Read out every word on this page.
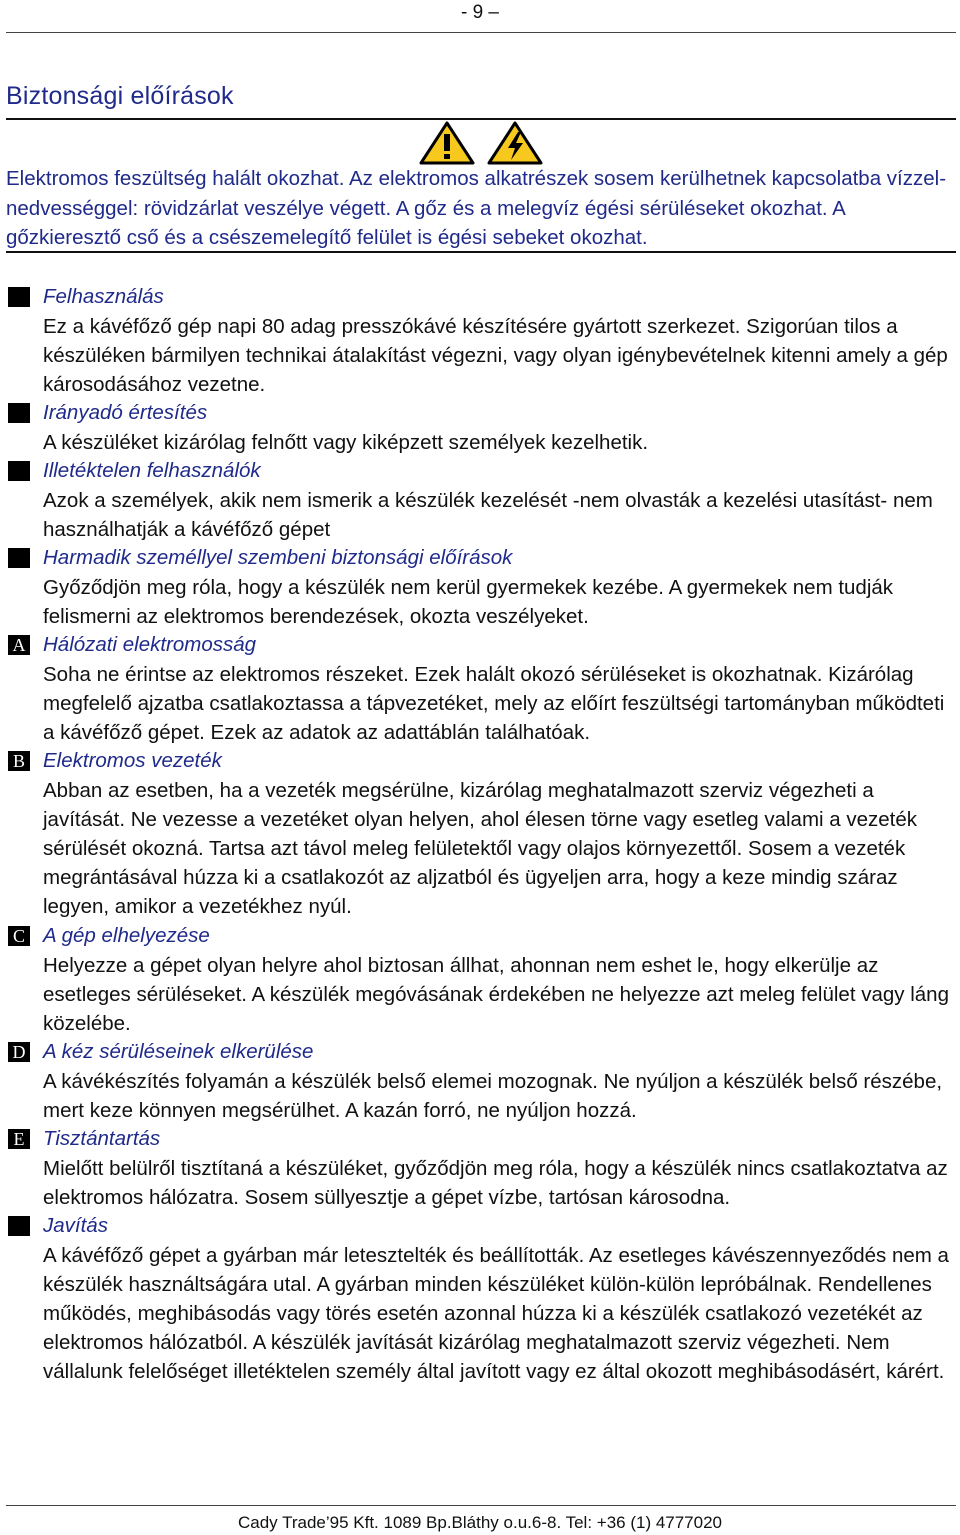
- 9 –
Biztonsági előírások
Elektromos feszültség halált okozhat. Az elektromos alkatrészek sosem kerülhetnek kapcsolatba vízzel- nedvességgel: rövidzárlat veszélye végett. A gőz és a melegvíz égési sérüléseket okozhat. A gőzkieresztő cső és a csészemelegítő felület is égési sebeket okozhat.
Felhasználás
Ez a kávéfőző gép napi 80 adag presszókávé készítésére gyártott szerkezet. Szigorúan tilos a készüléken bármilyen technikai átalakítást végezni, vagy olyan igénybevételnek kitenni amely a gép károsodásához vezetne.
Irányadó értesítés
A készüléket kizárólag felnőtt vagy kiképzett személyek kezelhetik.
Illetéktelen felhasználók
Azok a személyek, akik nem ismerik a készülék kezelését -nem olvasták a kezelési utasítást- nem használhatják a kávéfőző gépet
Harmadik személlyel szembeni biztonsági előírások
Győződjön meg róla, hogy a készülék nem kerül gyermekek kezébe. A gyermekek nem tudják felismerni az elektromos berendezések, okozta veszélyeket.
A Hálózati elektromosság
Soha ne érintse az elektromos részeket. Ezek halált okozó sérüléseket is okozhatnak. Kizárólag megfelelő ajzatba csatlakoztassa a tápvezetéket, mely az előírt feszültségi tartományban működteti a kávéfőző gépet. Ezek az adatok az adattáblán találhatóak.
B Elektromos vezeték
Abban az esetben, ha a vezeték megsérülne, kizárólag meghatalmazott szerviz végezheti a javítását. Ne vezesse a vezetéket olyan helyen, ahol élesen törne vagy esetleg valami a vezeték sérülését okozná. Tartsa azt távol meleg felületektől vagy olajos környezettől. Sosem a vezeték megrántásával húzza ki a csatlakozót az aljzatból és ügyeljen arra, hogy a keze mindig száraz legyen, amikor a vezetékhez nyúl.
C A gép elhelyezése
Helyezze a gépet olyan helyre ahol biztosan állhat, ahonnan nem eshet le, hogy elkerülje az esetleges sérüléseket. A készülék megóvásának érdekében ne helyezze azt meleg felület vagy láng közelébe.
D A kéz sérüléseinek elkerülése
A kávékészítés folyamán a készülék belső elemei mozognak. Ne nyúljon a készülék belső részébe, mert keze könnyen megsérülhet. A kazán forró, ne nyúljon hozzá.
E Tisztántartás
Mielőtt belülről tisztítaná a készüléket, győződjön meg róla, hogy a készülék nincs csatlakoztatva az elektromos hálózatra. Sosem süllyesztje a gépet vízbe, tartósan károsodna.
Javítás
A kávéfőző gépet a gyárban már letesztelték és beállították. Az esetleges kávészennyeződés nem a készülék használtságára utal. A gyárban minden készüléket külön-külön lepróbálnak. Rendellenes működés, meghibásodás vagy törés esetén azonnal húzza ki a készülék csatlakozó vezetékét az elektromos hálózatból. A készülék javítását kizárólag meghatalmazott szerviz végezheti. Nem vállalunk felelőséget illetéktelen személy által javított vagy ez által okozott meghibásodásért, kárért.
Cady Trade’95 Kft. 1089 Bp.Bláthy o.u.6-8. Tel: +36 (1) 4777020
